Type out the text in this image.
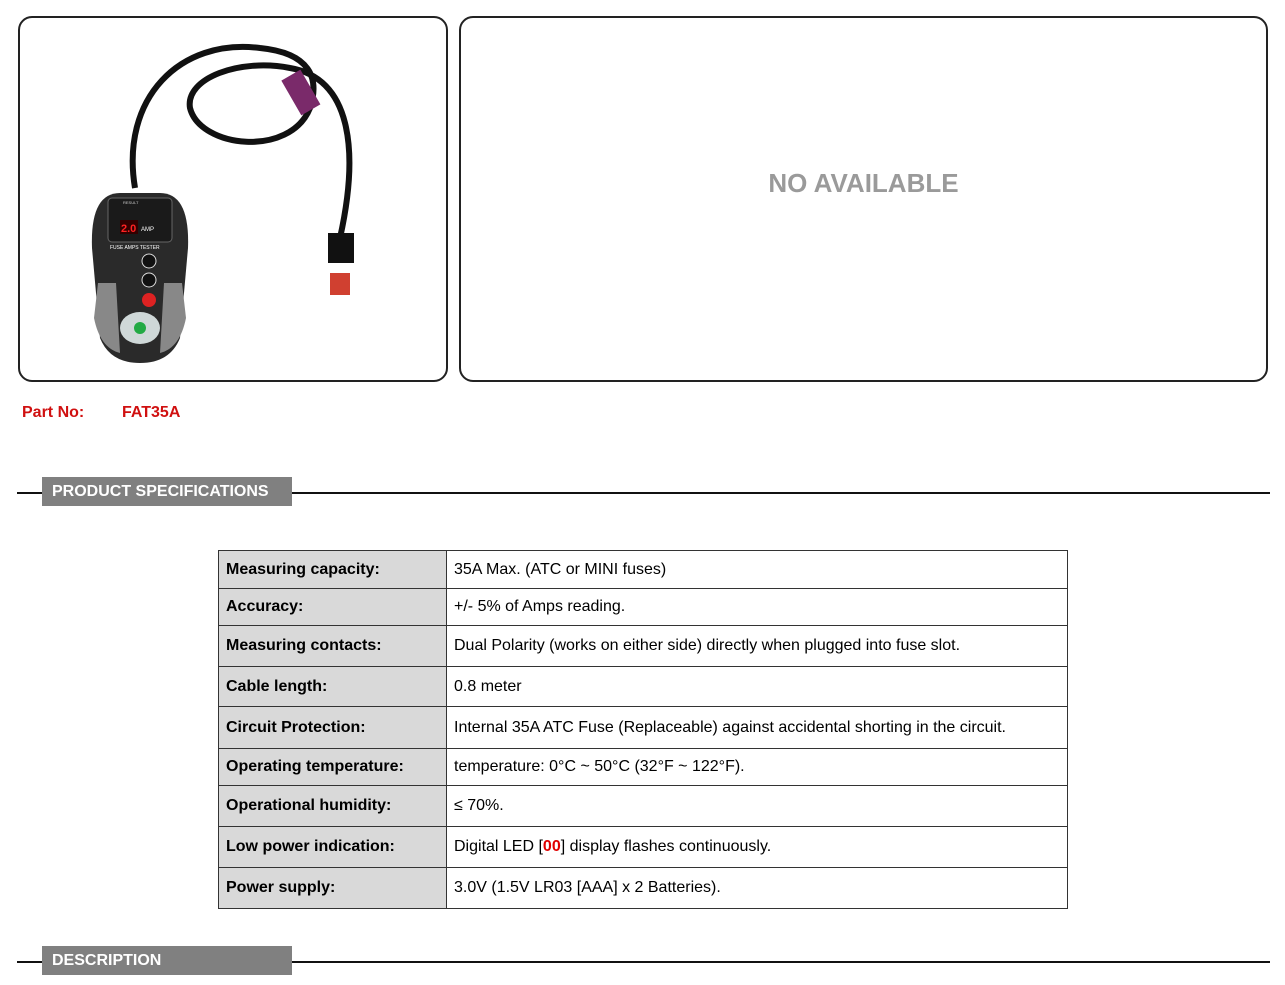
2.0 AMP
RESULT
FUSE AMPS TESTER
NO AVAILABLE
Part No: FAT35A
PRODUCT SPECIFICATIONS
Measuring capacity:	35A Max. (ATC or MINI fuses)
Accuracy:	+/- 5% of Amps reading.
Measuring contacts:	Dual Polarity (works on either side) directly when plugged into fuse slot.
Cable length:	0.8 meter
Circuit Protection:	Internal 35A ATC Fuse (Replaceable) against accidental shorting in the circuit.
Operating temperature:	temperature: 0°C ~ 50°C (32°F ~ 122°F).
Operational humidity:	≤ 70%.
Low power indication:	Digital LED [00] display flashes continuously.
Power supply:	3.0V (1.5V LR03 [AAA] x 2 Batteries).
DESCRIPTION
